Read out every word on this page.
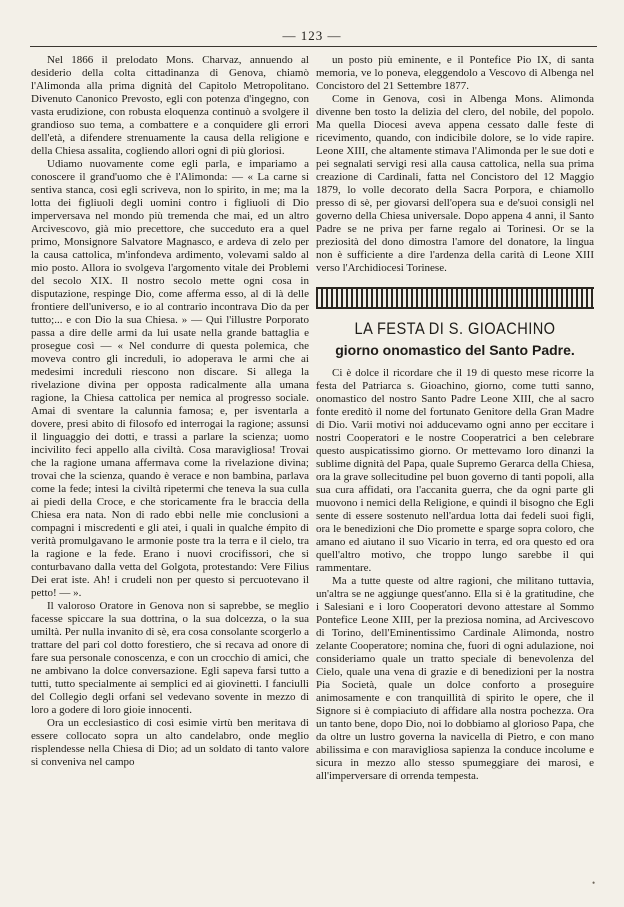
— 123 —

Nel 1866 il prelodato Mons. Charvaz, annuendo al desiderio della colta cittadinanza di Genova, chiamò l'Alimonda alla prima dignità del Capitolo Metropolitano. Divenuto Canonico Prevosto, egli con potenza d'ingegno, con vasta erudizione, con robusta eloquenza continuò a svolgere il grandioso suo tema, a combattere e a conquidere gli errori dell'età, a difendere strenuamente la causa della religione e della Chiesa assalita, cogliendo allori ogni dì più gloriosi.

Udiamo nuovamente come egli parla, e impariamo a conoscere il grand'uomo che è l'Alimonda: — « La carne si sentiva stanca, così egli scriveva, non lo spirito, in me; ma la lotta dei figliuoli degli uomini contro i figliuoli di Dio imperversava nel mondo più tremenda che mai, ed un altro Arcivescovo, già mio precettore, che succeduto era a quel primo, Monsignore Salvatore Magnasco, e ardeva di zelo per la causa cattolica, m'infondeva ardimento, volevami saldo al mio posto. Allora io svolgeva l'argomento vitale dei Problemi del secolo XIX. Il nostro secolo mette ogni cosa in disputazione, respinge Dio, come afferma esso, al di là delle frontiere dell'universo, e io al contrario incontrava Dio da per tutto;... e con Dio la sua Chiesa. » — Qui l'illustre Porporato passa a dire delle armi da lui usate nella grande battaglia e prosegue così — « Nel condurre di questa polemica, che moveva contro gli increduli, io adoperava le armi che ai medesimi increduli riescono non discare. Si allega la rivelazione divina per opposta radicalmente alla umana ragione, la Chiesa cattolica per nemica al progresso sociale. Amai di sventare la calunnia famosa; e, per isventarla a dovere, presi abito di filosofo ed interrogai la ragione; assunsi il linguaggio dei dotti, e trassi a parlare la scienza; uomo incivilito feci appello alla civiltà. Cosa maravigliosa! Trovai che la ragione umana affermava come la rivelazione divina; trovai che la scienza, quando è verace e non bambina, parlava come la fede; intesi la civiltà ripetermi che teneva la sua culla ai piedi della Croce, e che storicamente fra le braccia della Chiesa era nata. Non di rado ebbi nelle mie conclusioni a compagni i miscredenti e gli atei, i quali in qualche émpito di verità promulgavano le armonie poste tra la terra e il cielo, tra la ragione e la fede. Erano i nuovi crocifissori, che si conturbavano dalla vetta del Golgota, protestando: Vere Filius Dei erat iste. Ah! i crudeli non per questo si percuotevano il petto! — ».

Il valoroso Oratore in Genova non si saprebbe, se meglio facesse spiccare la sua dottrina, o la sua dolcezza, o la sua umiltà. Per nulla invanito di sè, era cosa consolante scorgerlo a trattare del pari col dotto forestiero, che si recava ad onore di fare sua personale conoscenza, e con un crocchio di amici, che ne ambivano la dolce conversazione. Egli sapeva farsi tutto a tutti, tutto specialmente ai semplici ed ai giovinetti. I fanciulli del Collegio degli orfani sel vedevano sovente in mezzo di loro a godere di loro gioie innocenti.

Ora un ecclesiastico di così esimie virtù ben meritava di essere collocato sopra un alto candelabro, onde meglio risplendesse nella Chiesa di Dio; ad un soldato di tanto valore si conveniva nel campo

un posto più eminente, e il Pontefice Pio IX, di santa memoria, ve lo poneva, eleggendolo a Vescovo di Albenga nel Concistoro del 21 Settembre 1877.

Come in Genova, così in Albenga Mons. Alimonda divenne ben tosto la delizia del clero, del nobile, del popolo. Ma quella Diocesi aveva appena cessato dalle feste di ricevimento, quando, con indicibile dolore, se lo vide rapire. Leone XIII, che altamente stimava l'Alimonda per le sue doti e pei segnalati servigi resi alla causa cattolica, nella sua prima creazione di Cardinali, fatta nel Concistoro del 12 Maggio 1879, lo volle decorato della Sacra Porpora, e chiamollo presso di sè, per giovarsi dell'opera sua e de'suoi consigli nel governo della Chiesa universale. Dopo appena 4 anni, il Santo Padre se ne priva per farne regalo ai Torinesi. Or se la preziosità del dono dimostra l'amore del donatore, la lingua non è sufficiente a dire l'ardenza della carità di Leone XIII verso l'Archidiocesi Torinese.

LA FESTA DI S. GIOACHINO
giorno onomastico del Santo Padre.

Ci è dolce il ricordare che il 19 di questo mese ricorre la festa del Patriarca s. Gioachino, giorno, come tutti sanno, onomastico del nostro Santo Padre Leone XIII, che al sacro fonte ereditò il nome del fortunato Genitore della Gran Madre di Dio. Varii motivi noi adducevamo ogni anno per eccitare i nostri Cooperatori e le nostre Cooperatrici a ben celebrare questo auspicatissimo giorno. Or mettevamo loro dinanzi la sublime dignità del Papa, quale Supremo Gerarca della Chiesa, ora la grave sollecitudine pel buon governo di tanti popoli, alla sua cura affidati, ora l'accanita guerra, che da ogni parte gli muovono i nemici della Religione, e quindi il bisogno che Egli sente di essere sostenuto nell'ardua lotta dai fedeli suoi figli, ora le benedizioni che Dio promette e sparge sopra coloro, che amano ed aiutano il suo Vicario in terra, ed ora questo ed ora quell'altro motivo, che troppo lungo sarebbe il qui rammentare.

Ma a tutte queste od altre ragioni, che militano tuttavia, un'altra se ne aggiunge quest'anno. Ella si è la gratitudine, che i Salesiani e i loro Cooperatori devono attestare al Sommo Pontefice Leone XIII, per la preziosa nomina, ad Arcivescovo di Torino, dell'Eminentissimo Cardinale Alimonda, nostro zelante Cooperatore; nomina che, fuori di ogni adulazione, noi consideriamo quale un tratto speciale di benevolenza del Cielo, quale una vena di grazie e di benedizioni per la nostra Pia Società, quale un dolce conforto a proseguire animosamente e con tranquillità di spirito le opere, che il Signore si è compiaciuto di affidare alla nostra pochezza. Ora un tanto bene, dopo Dio, noi lo dobbiamo al glorioso Papa, che da oltre un lustro governa la navicella di Pietro, e con mano abilissima e con maravigliosa sapienza la conduce incolume e sicura in mezzo allo stesso spumeggiare dei marosi, e all'imperversare di orrenda tempesta.

•
